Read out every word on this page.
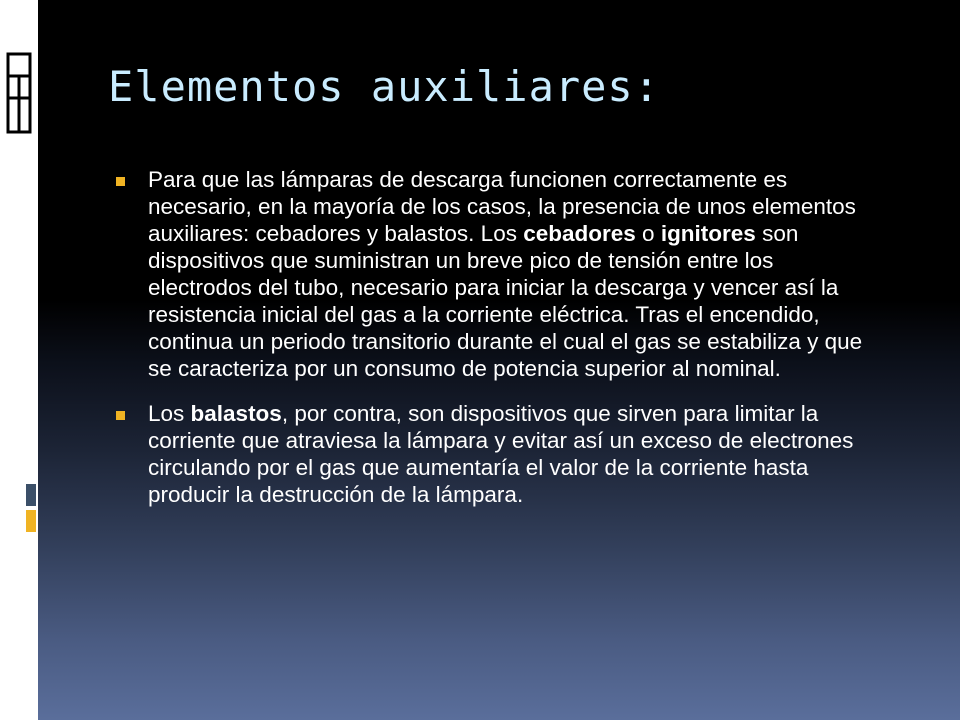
Elementos auxiliares:

Para que las lámparas de descarga funcionen correctamente es necesario, en la mayoría de los casos, la presencia de unos elementos auxiliares: cebadores y balastos. Los cebadores o ignitores son dispositivos que suministran un breve pico de tensión entre los electrodos del tubo, necesario para iniciar la descarga y vencer así la resistencia inicial del gas a la corriente eléctrica. Tras el encendido, continua un periodo transitorio durante el cual el gas se estabiliza y que se caracteriza por un consumo de potencia superior al nominal.

Los balastos, por contra, son dispositivos que sirven para limitar la corriente que atraviesa la lámpara y evitar así un exceso de electrones circulando por el gas que aumentaría el valor de la corriente hasta producir la destrucción de la lámpara.
